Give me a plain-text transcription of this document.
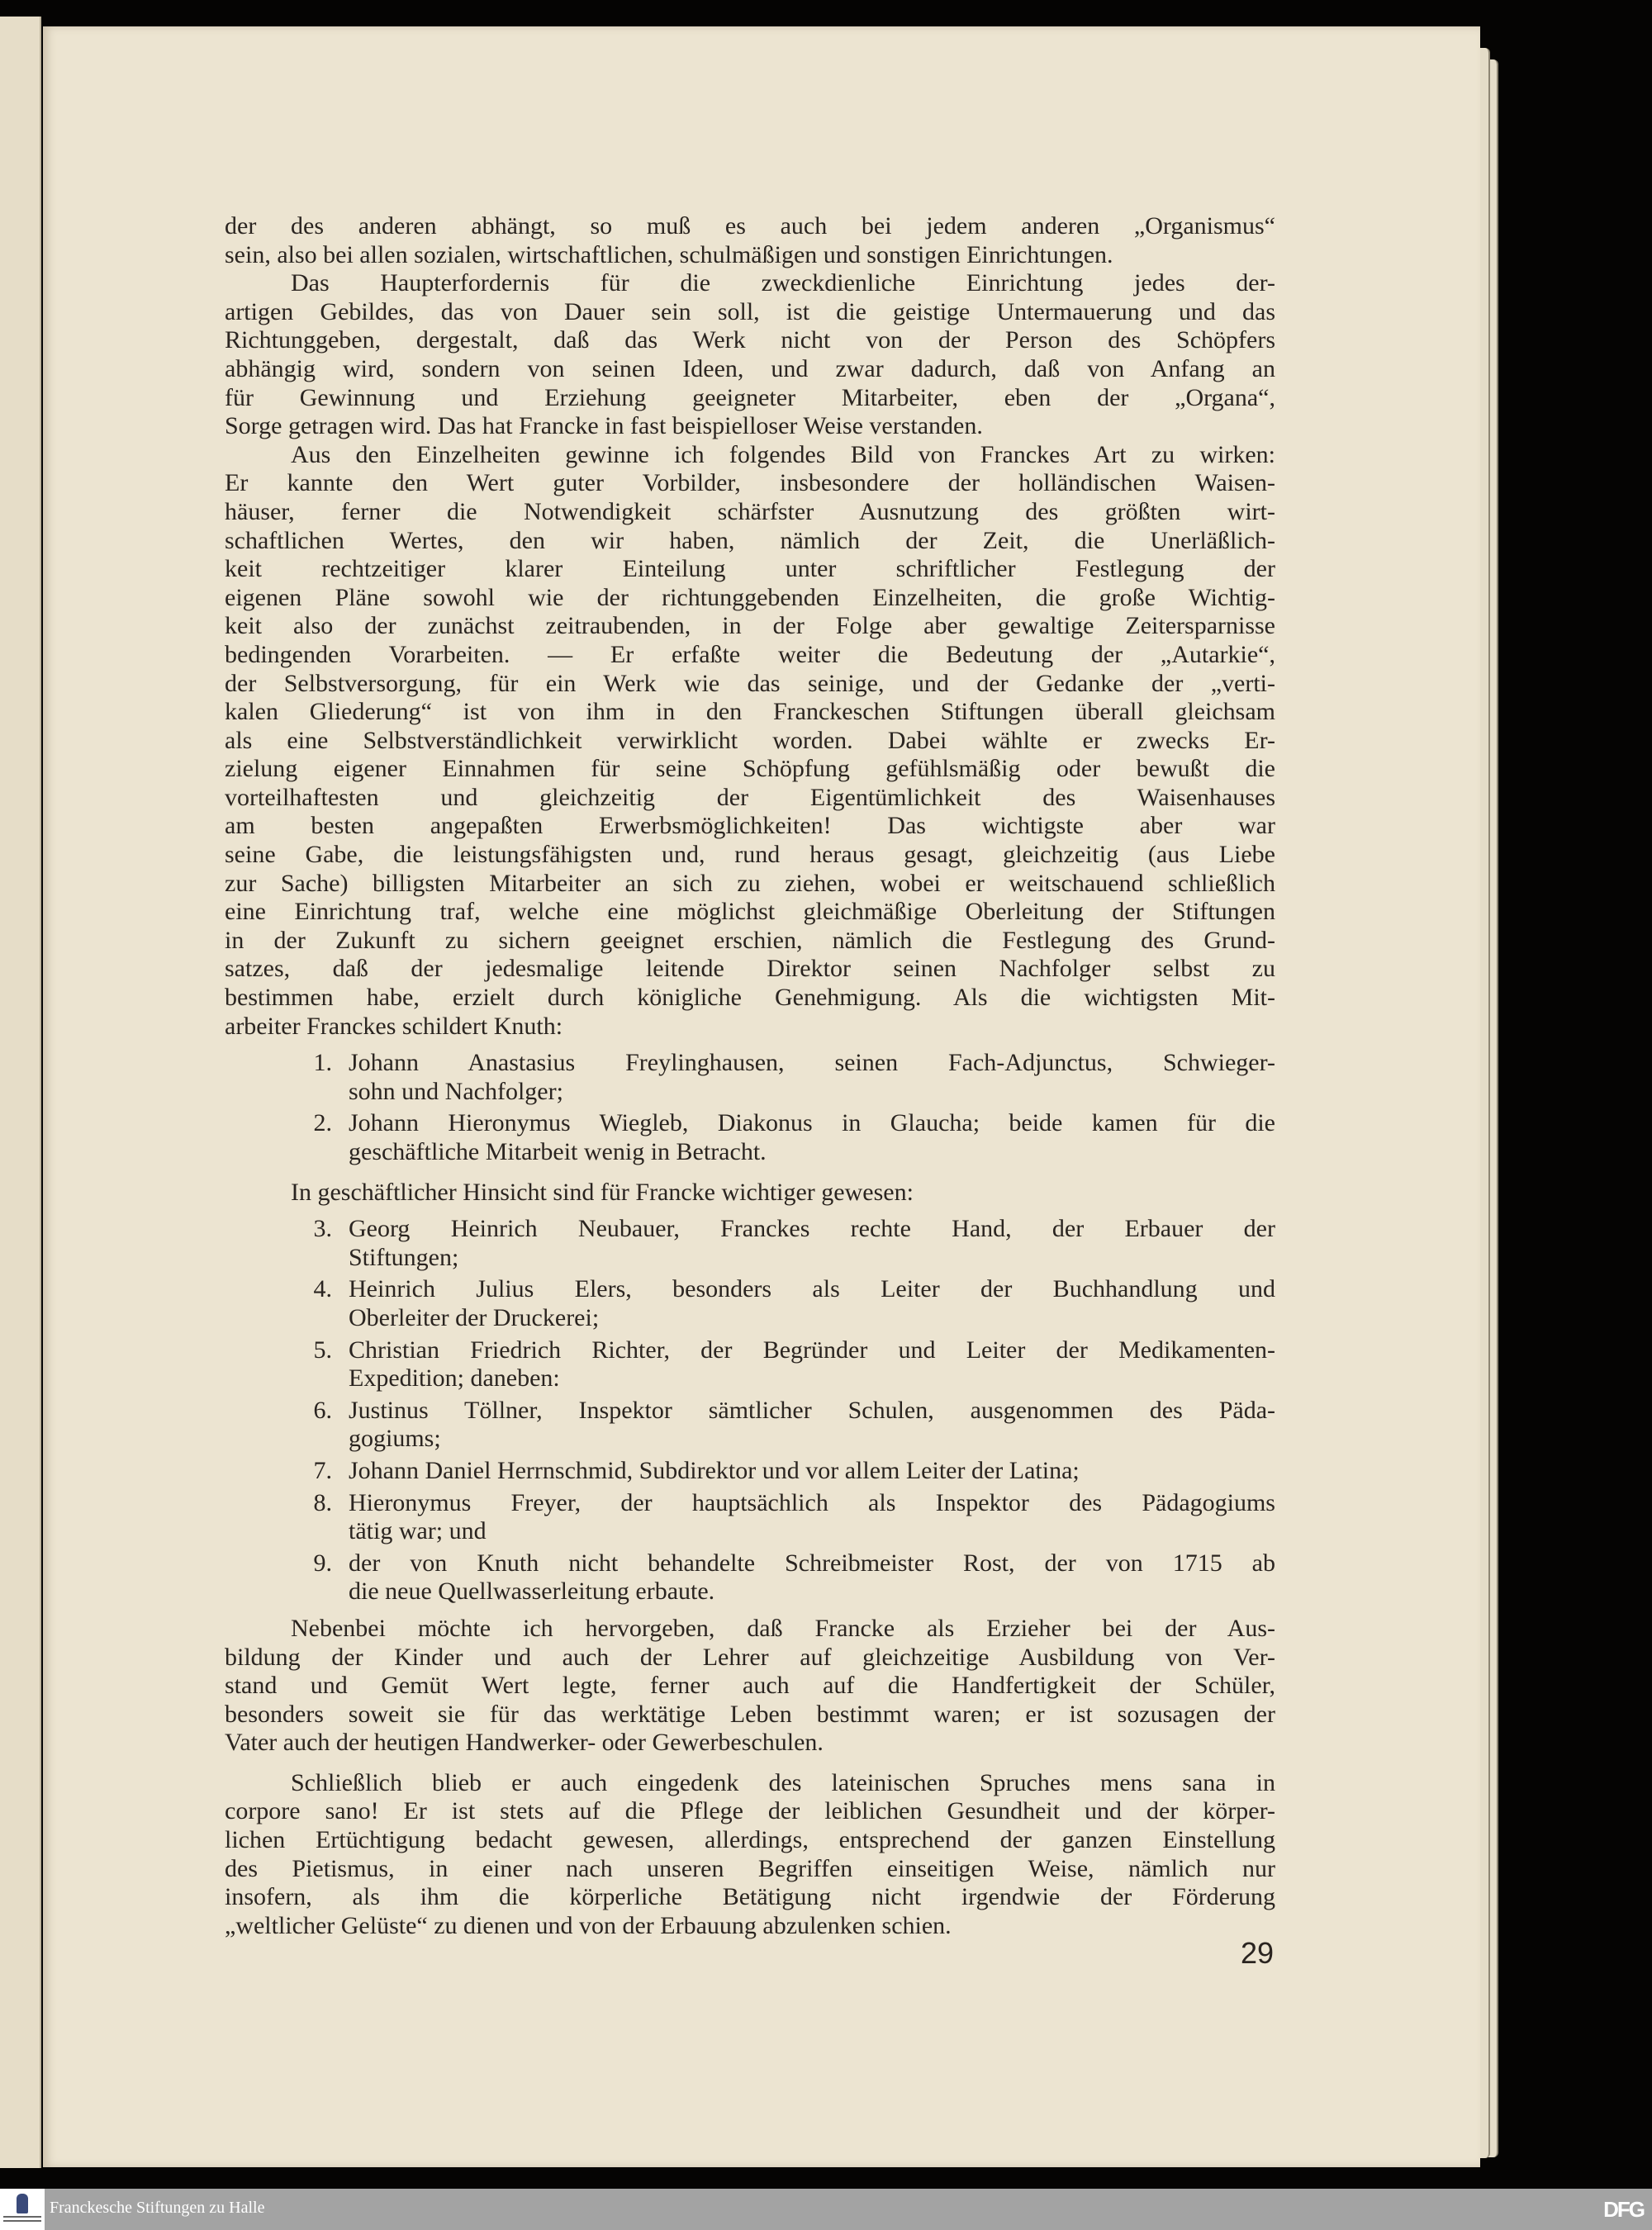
der des anderen abhängt, so muß es auch bei jedem anderen „Organismus“
sein, also bei allen sozialen, wirtschaftlichen, schulmäßigen und sonstigen Einrichtungen.
Das Haupterfordernis für die zweckdienliche Einrichtung jedes der-
artigen Gebildes, das von Dauer sein soll, ist die geistige Untermauerung und das
Richtunggeben, dergestalt, daß das Werk nicht von der Person des Schöpfers
abhängig wird, sondern von seinen Ideen, und zwar dadurch, daß von Anfang an
für Gewinnung und Erziehung geeigneter Mitarbeiter, eben der „Organa“,
Sorge getragen wird. Das hat Francke in fast beispielloser Weise verstanden.
Aus den Einzelheiten gewinne ich folgendes Bild von Franckes Art zu wirken:
Er kannte den Wert guter Vorbilder, insbesondere der holländischen Waisen-
häuser, ferner die Notwendigkeit schärfster Ausnutzung des größten wirt-
schaftlichen Wertes, den wir haben, nämlich der Zeit, die Unerläßlich-
keit rechtzeitiger klarer Einteilung unter schriftlicher Festlegung der
eigenen Pläne sowohl wie der richtunggebenden Einzelheiten, die große Wichtig-
keit also der zunächst zeitraubenden, in der Folge aber gewaltige Zeitersparnisse
bedingenden Vorarbeiten. — Er erfaßte weiter die Bedeutung der „Autarkie“,
der Selbstversorgung, für ein Werk wie das seinige, und der Gedanke der „verti-
kalen Gliederung“ ist von ihm in den Franckeschen Stiftungen überall gleichsam
als eine Selbstverständlichkeit verwirklicht worden. Dabei wählte er zwecks Er-
zielung eigener Einnahmen für seine Schöpfung gefühlsmäßig oder bewußt die
vorteilhaftesten und gleichzeitig der Eigentümlichkeit des Waisenhauses
am besten angepaßten Erwerbsmöglichkeiten! Das wichtigste aber war
seine Gabe, die leistungsfähigsten und, rund heraus gesagt, gleichzeitig (aus Liebe
zur Sache) billigsten Mitarbeiter an sich zu ziehen, wobei er weitschauend schließlich
eine Einrichtung traf, welche eine möglichst gleichmäßige Oberleitung der Stiftungen
in der Zukunft zu sichern geeignet erschien, nämlich die Festlegung des Grund-
satzes, daß der jedesmalige leitende Direktor seinen Nachfolger selbst zu
bestimmen habe, erzielt durch königliche Genehmigung. Als die wichtigsten Mit-
arbeiter Franckes schildert Knuth:
1. Johann Anastasius Freylinghausen, seinen Fach-Adjunctus, Schwieger-
sohn und Nachfolger;
2. Johann Hieronymus Wiegleb, Diakonus in Glaucha; beide kamen für die
geschäftliche Mitarbeit wenig in Betracht.
In geschäftlicher Hinsicht sind für Francke wichtiger gewesen:
3. Georg Heinrich Neubauer, Franckes rechte Hand, der Erbauer der
Stiftungen;
4. Heinrich Julius Elers, besonders als Leiter der Buchhandlung und
Oberleiter der Druckerei;
5. Christian Friedrich Richter, der Begründer und Leiter der Medikamenten-
Expedition; daneben:
6. Justinus Töllner, Inspektor sämtlicher Schulen, ausgenommen des Päda-
gogiums;
7. Johann Daniel Herrnschmid, Subdirektor und vor allem Leiter der Latina;
8. Hieronymus Freyer, der hauptsächlich als Inspektor des Pädagogiums
tätig war; und
9. der von Knuth nicht behandelte Schreibmeister Rost, der von 1715 ab
die neue Quellwasserleitung erbaute.
Nebenbei möchte ich hervorgeben, daß Francke als Erzieher bei der Aus-
bildung der Kinder und auch der Lehrer auf gleichzeitige Ausbildung von Ver-
stand und Gemüt Wert legte, ferner auch auf die Handfertigkeit der Schüler,
besonders soweit sie für das werktätige Leben bestimmt waren; er ist sozusagen der
Vater auch der heutigen Handwerker- oder Gewerbeschulen.
Schließlich blieb er auch eingedenk des lateinischen Spruches mens sana in
corpore sano! Er ist stets auf die Pflege der leiblichen Gesundheit und der körper-
lichen Ertüchtigung bedacht gewesen, allerdings, entsprechend der ganzen Einstellung
des Pietismus, in einer nach unseren Begriffen einseitigen Weise, nämlich nur
insofern, als ihm die körperliche Betätigung nicht irgendwie der Förderung
„weltlicher Gelüste“ zu dienen und von der Erbauung abzulenken schien.
29
Franckesche Stiftungen zu Halle	DFG
